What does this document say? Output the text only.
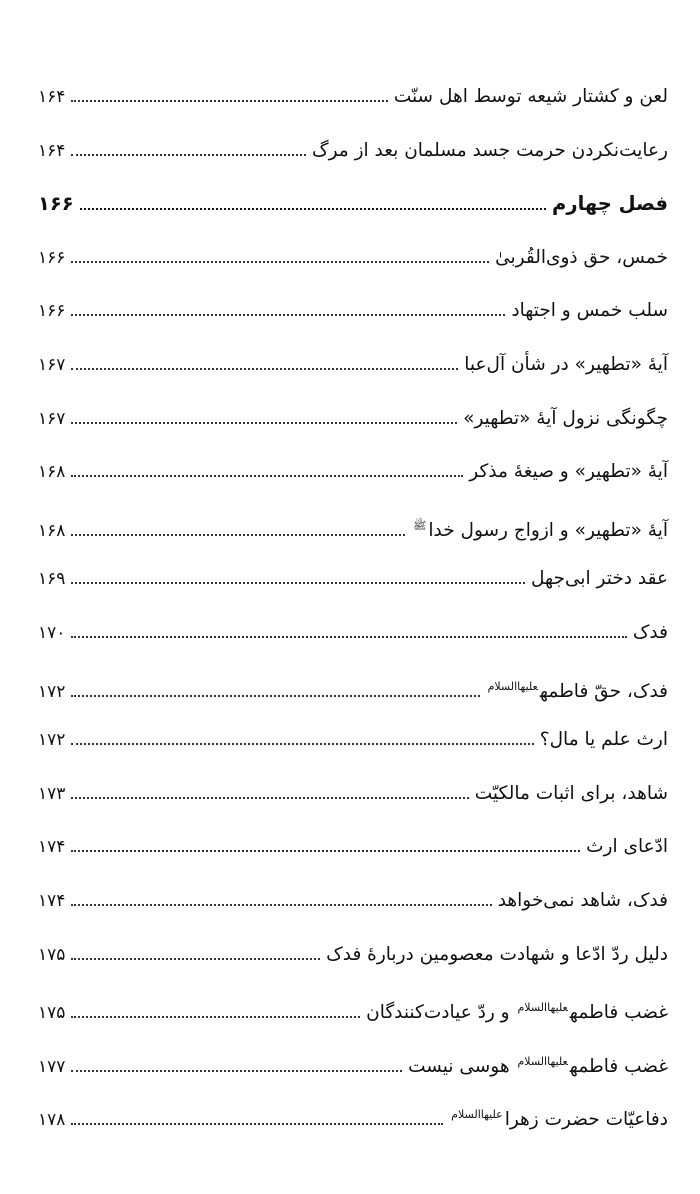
لعن و کشتار شیعه توسط اهل سنّت
۱۶۴
رعایت‌نکردن حرمت جسد مسلمان بعد از مرگ
۱۶۴
فصل چهارم
۱۶۶
خمس، حق ذوی‌القُربیٰ
۱۶۶
سلب خمس و اجتهاد
۱۶۶
آیهٔ «تطهیر» در شأن آل‌عبا
۱۶۷
چگونگی نزول آیهٔ «تطهیر»
۱۶۷
آیهٔ «تطهیر» و صیغهٔ مذکر
۱۶۸
آیهٔ «تطهیر» و ازواج رسول خدا$^ﷺ$
۱۶۸
عقد دختر ابی‌جهل
۱۶۹
فدک
۱۷۰
فدک، حقّ فاطمه$^{علیهاالسلام}$
۱۷۲
ارث علم یا مال؟
۱۷۲
شاهد، برای اثبات مالکیّت
۱۷۳
ادّعای ارث
۱۷۴
فدک، شاهد نمی‌خواهد
۱۷۴
دلیل ردّ ادّعا و شهادت معصومین دربارهٔ فدک
۱۷۵
غضب فاطمه$^{علیهاالسلام}$ و ردّ عیادت‌کنندگان
۱۷۵
غضب فاطمه$^{علیهاالسلام}$ هوسی نیست
۱۷۷
دفاعیّات حضرت زهرا$^{علیهاالسلام}$
۱۷۸
